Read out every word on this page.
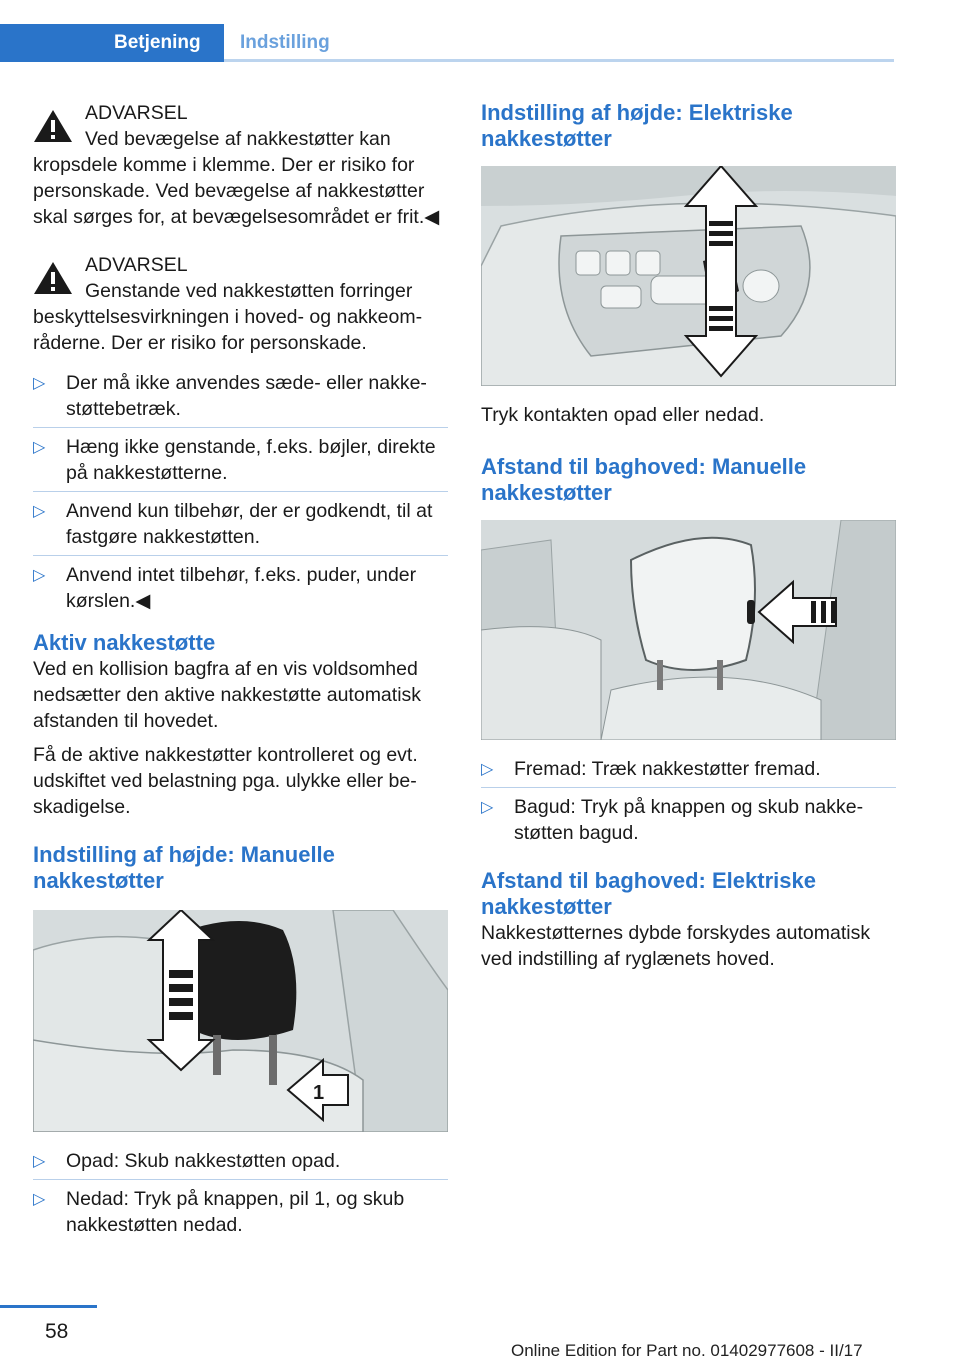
Betjening	Indstilling

ADVARSEL
Ved bevægelse af nakkestøtter kan
kropsdele komme i klemme. Der er risiko for
personskade. Ved bevægelse af nakkestøtter
skal sørges for, at bevægelsesområdet er frit.◀

ADVARSEL
Genstande ved nakkestøtten forringer
beskyttelsesvirkningen i hoved- og nakkeom-
råderne. Der er risiko for personskade.

▷ Der må ikke anvendes sæde- eller nakke-støttebetræk.
▷ Hæng ikke genstande, f.eks. bøjler, direkte på nakkestøtterne.
▷ Anvend kun tilbehør, der er godkendt, til at fastgøre nakkestøtten.
▷ Anvend intet tilbehør, f.eks. puder, under kørslen.◀
Aktiv nakkestøtte

Ved en kollision bagfra af en vis voldsomhed nedsætter den aktive nakkestøtte automatisk afstanden til hovedet.

Få de aktive nakkestøtter kontrolleret og evt. udskiftet ved belastning pga. ulykke eller be-skadigelse.

Indstilling af højde: Manuelle nakkestøtter
1
▷ Opad: Skub nakkestøtten opad.
▷ Nedad: Tryk på knappen, pil 1, og skub nakkestøtten nedad.
Indstilling af højde: Elektriske nakkestøtter

Tryk kontakten opad eller nedad.

Afstand til baghoved: Manuelle nakkestøtter
▷ Fremad: Træk nakkestøtter fremad.
▷ Bagud: Tryk på knappen og skub nakke-støtten bagud.
Afstand til baghoved: Elektriske nakkestøtter

Nakkestøtternes dybde forskydes automatisk ved indstilling af ryglænets hoved.

58
Online Edition for Part no. 01402977608 - II/17
